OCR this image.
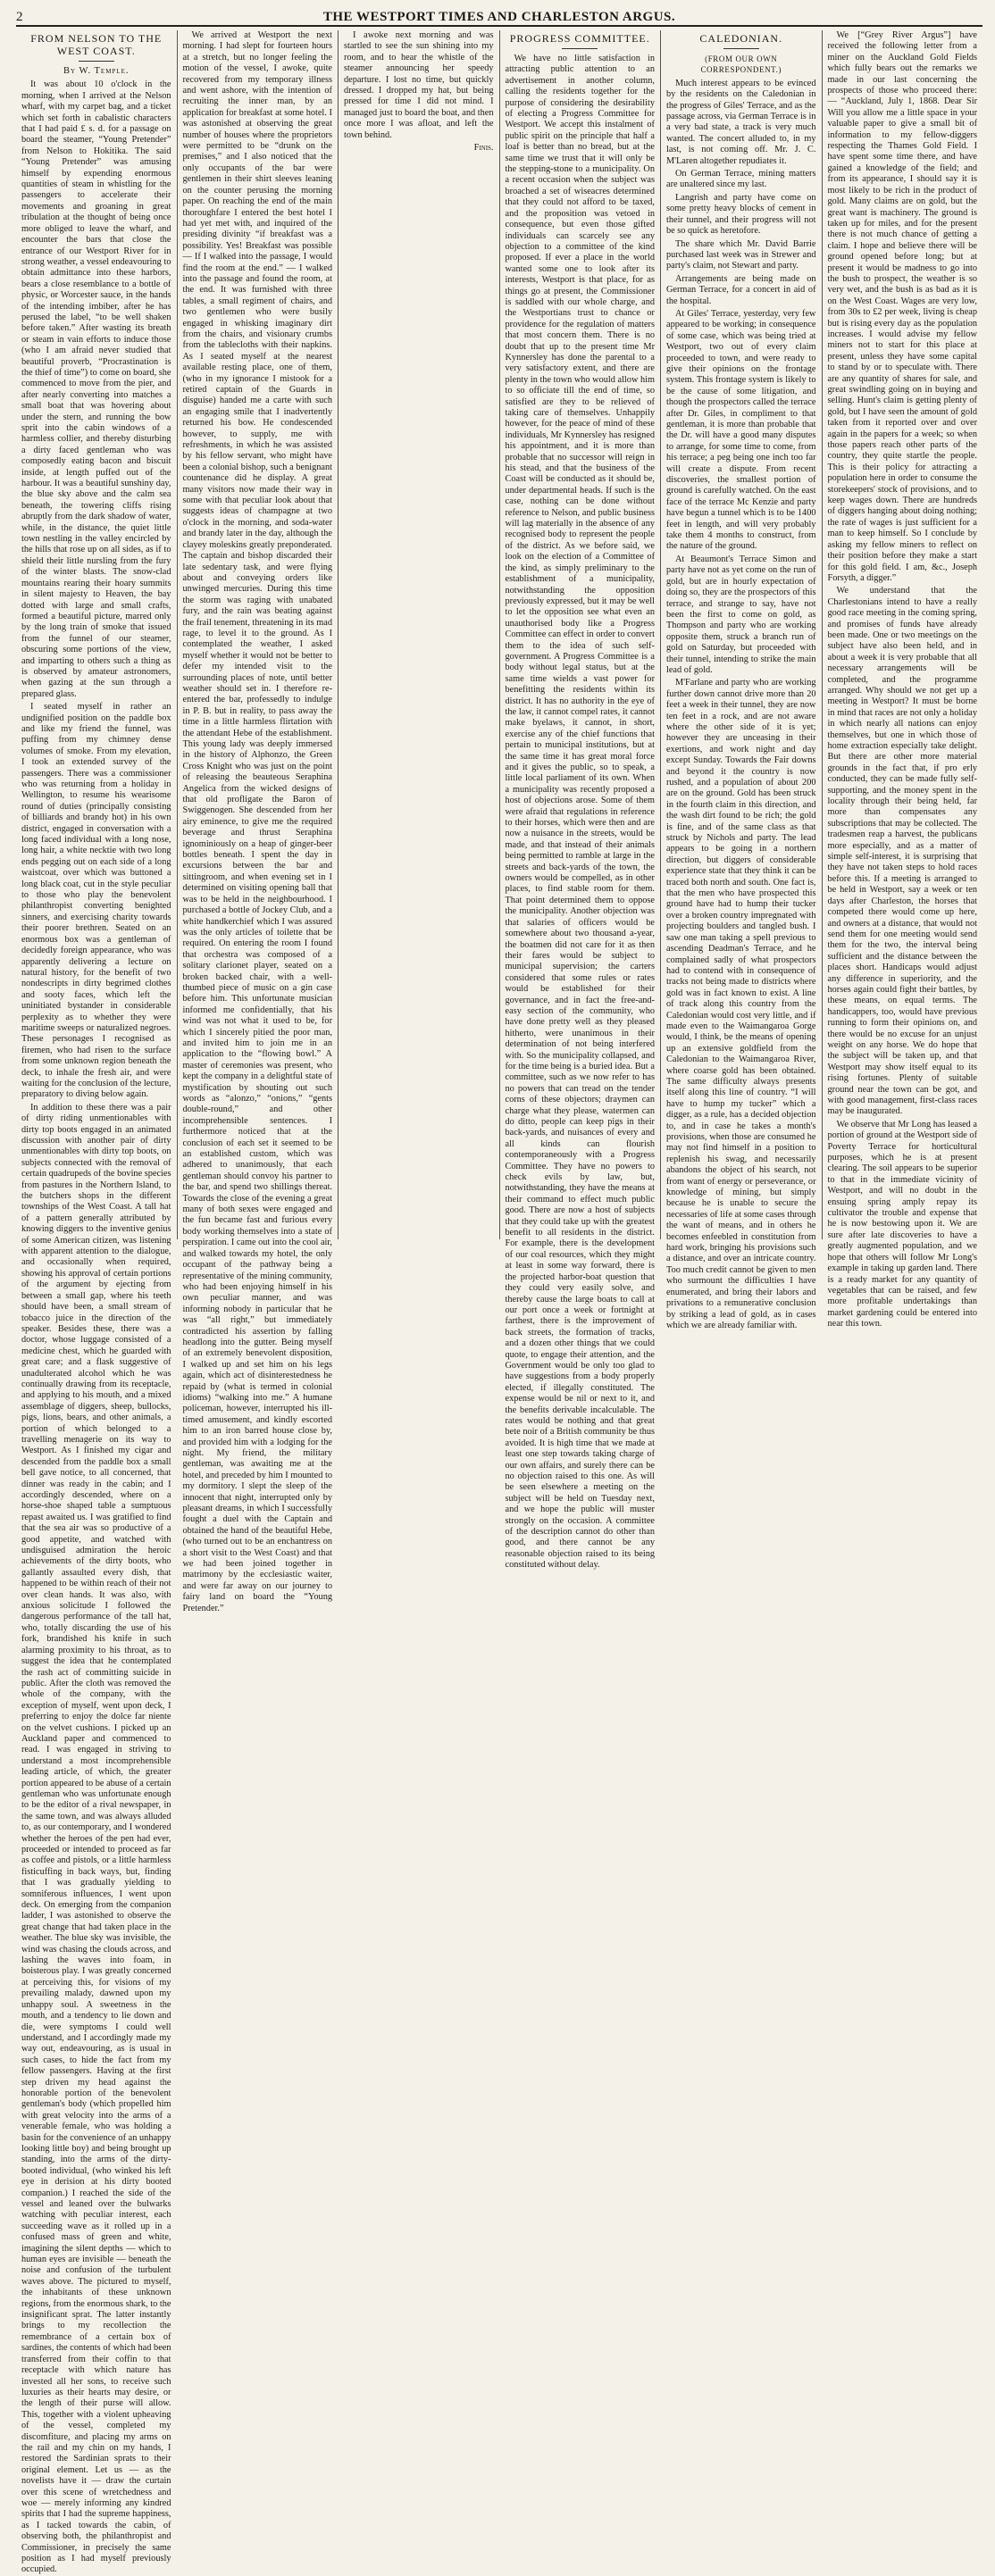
2	THE WESTPORT TIMES AND CHARLESTON ARGUS.
FROM NELSON TO THE WEST COAST.
By W. Temple.

It was about 10 o'clock in the morning, when I arrived at the Nelson wharf, with my carpet bag, and a ticket which set forth in cabalistic characters that I had paid £ s. d. for a passage on board the steamer, “Young Pretender” from Nelson to Hokitika. The said “Young Pretender” was amusing himself by expending enormous quantities of steam in whistling for the passengers to accelerate their movements and groaning in great tribulation at the thought of being once more obliged to leave the wharf, and encounter the bars that close the entrance of our Westport River for in strong weather, a vessel endeavouring to obtain admittance into these harbors, bears a close resemblance to a bottle of physic, or Worcester sauce, in the hands of the intending imbiber, after he has perused the label, “to be well shaken before taken.” After wasting its breath or steam in vain efforts to induce those (who I am afraid never studied that beautiful proverb, “Procrastination is the thief of time”) to come on board, she commenced to move from the pier, and after nearly converting into matches a small boat that was hovering about under the stern, and running the bow sprit into the cabin windows of a harmless collier, and thereby disturbing a dirty faced gentleman who was composedly eating bacon and biscuit inside, at length puffed out of the harbour. It was a beautiful sunshiny day, the blue sky above and the calm sea beneath, the towering cliffs rising abruptly from the dark shadow of water, while, in the distance, the quiet little town nestling in the valley encircled by the hills that rose up on all sides, as if to shield their little nursling from the fury of the winter blasts. The snow-clad mountains rearing their hoary summits in silent majesty to Heaven, the bay dotted with large and small crafts, formed a beautiful picture, marred only by the long train of smoke that issued from the funnel of our steamer, obscuring some portions of the view, and imparting to others such a thing as is observed by amateur astronomers, when gazing at the sun through a prepared glass.

I seated myself in rather an undignified position on the paddle box and like my friend the funnel, was puffing from my chimney dense volumes of smoke. From my elevation, I took an extended survey of the passengers. There was a commissioner who was returning from a holiday in Wellington, to resume his wearisome round of duties (principally consisting of billiards and brandy hot) in his own district, engaged in conversation with a long faced individual with a long nose, long hair, a white necktie with two long ends pegging out on each side of a long waistcoat, over which was buttoned a long black coat, cut in the style peculiar to those who play the benevolent philanthropist converting benighted sinners, and exercising charity towards their poorer brethren. Seated on an enormous box was a gentleman of decidedly foreign appearance, who was apparently delivering a lecture on natural history, for the benefit of two nondescripts in dirty begrimed clothes and sooty faces, which left the uninitiated bystander in considerable perplexity as to whether they were maritime sweeps or naturalized negroes. These personages I recognised as firemen, who had risen to the surface from some unknown region beneath the deck, to inhale the fresh air, and were waiting for the conclusion of the lecture, preparatory to diving below again.

In addition to these there was a pair of dirty riding unmentionables with dirty top boots engaged in an animated discussion with another pair of dirty unmentionables with dirty top boots, on subjects connected with the removal of certain quadrupeds of the bovine species from pastures in the Northern Island, to the butchers shops in the different townships of the West Coast. A tall hat of a pattern generally attributed by knowing diggers to the inventive genius of some American citizen, was listening with apparent attention to the dialogue, and occasionally when required, showing his approval of certain portions of the argument by ejecting from between a small gap, where his teeth should have been, a small stream of tobacco juice in the direction of the speaker. Besides these, there was a doctor, whose luggage consisted of a medicine chest, which he guarded with great care; and a flask suggestive of unadulterated alcohol which he was continually drawing from its receptacle, and applying to his mouth, and a mixed assemblage of diggers, sheep, bullocks, pigs, lions, bears, and other animals, a portion of which belonged to a travelling menagerie on its way to Westport. As I finished my cigar and descended from the paddle box a small bell gave notice, to all concerned, that dinner was ready in the cabin; and I accordingly descended, where on a horse-shoe shaped table a sumptuous repast awaited us. I was gratified to find that the sea air was so productive of a good appetite, and watched with undisguised admiration the heroic achievements of the dirty boots, who gallantly assaulted every dish, that happened to be within reach of their not over clean hands. It was also, with anxious solicitude I followed the dangerous performance of the tall hat, who, totally discarding the use of his fork, brandished his knife in such alarming proximity to his throat, as to suggest the idea that he contemplated the rash act of committing suicide in public. After the cloth was removed the whole of the company, with the exception of myself, went upon deck, I preferring to enjoy the dolce far niente on the velvet cushions. I picked up an Auckland paper and commenced to read. I was engaged in striving to understand a most incomprehensible leading article, of which, the greater portion appeared to be abuse of a certain gentleman who was unfortunate enough to be the editor of a rival newspaper, in the same town, and was always alluded to, as our contemporary, and I wondered whether the heroes of the pen had ever, proceeded or intended to proceed as far as coffee and pistols, or a little harmless fisticuffing in back ways, but, finding that I was gradually yielding to somniferous influences, I went upon deck. On emerging from the companion ladder, I was astonished to observe the great change that had taken place in the weather. The blue sky was invisible, the wind was chasing the clouds across, and lashing the waves into foam, in boisterous play. I was greatly concerned at perceiving this, for visions of my prevailing malady, dawned upon my unhappy soul. A sweetness in the mouth, and a tendency to lie down and die, were symptoms I could well understand, and I accordingly made my way out, endeavouring, as is usual in such cases, to hide the fact from my fellow passengers. Having at the first step driven my head against the honorable portion of the benevolent gentleman's body (which propelled him with great velocity into the arms of a venerable female, who was holding a basin for the convenience of an unhappy looking little boy) and being brought up standing, into the arms of the dirty-booted individual, (who winked his left eye in derision at his dirty booted companion.) I reached the side of the vessel and leaned over the bulwarks watching with peculiar interest, each succeeding wave as it rolled up in a confused mass of green and white, imagining the silent depths — which to human eyes are invisible — beneath the noise and confusion of the turbulent waves above. The pictured to myself, the inhabitants of these unknown regions, from the enormous shark, to the insignificant sprat. The latter instantly brings to my recollection the remembrance of a certain box of sardines, the contents of which had been transferred from their coffin to that receptacle with which nature has invested all her sons, to receive such luxuries as their hearts may desire, or the length of their purse will allow. This, together with a violent upheaving of the vessel, completed my discomfiture, and placing my arms on the rail and my chin on my hands, I restored the Sardinian sprats to their original element. Let us — as the novelists have it — draw the curtain over this scene of wretchedness and woe — merely informing any kindred spirits that I had the supreme happiness, as I tacked towards the cabin, of observing both, the philanthropist and Commissioner, in precisely the same position as I had myself previously occupied.

We arrived at Westport the next morning. I had slept for fourteen hours at a stretch, but no longer feeling the motion of the vessel, I awoke, quite recovered from my temporary illness and went ashore, with the intention of recruiting the inner man, by an application for breakfast at some hotel. I was astonished at observing the great number of houses where the proprietors were permitted to be “drunk on the premises,” and I also noticed that the only occupants of the bar were gentlemen in their shirt sleeves leaning on the counter perusing the morning paper. On reaching the end of the main thoroughfare I entered the best hotel I had yet met with, and inquired of the presiding divinity “if breakfast was a possibility. Yes! Breakfast was possible — If I walked into the passage, I would find the room at the end.” — I walked into the passage and found the room, at the end. It was furnished with three tables, a small regiment of chairs, and two gentlemen who were busily engaged in whisking imaginary dirt from the chairs, and visionary crumbs from the tablecloths with their napkins. As I seated myself at the nearest available resting place, one of them, (who in my ignorance I mistook for a retired captain of the Guards in disguise) handed me a carte with such an engaging smile that I inadvertently returned his bow. He condescended however, to supply, me with refreshments, in which he was assisted by his fellow servant, who might have been a colonial bishop, such a benignant countenance did he display. A great many visitors now made their way in some with that peculiar look about that suggests ideas of champagne at two o'clock in the morning, and soda-water and brandy later in the day, although the clayey moleskins greatly preponderated. The captain and bishop discarded their late sedentary task, and were flying about and conveying orders like unwinged mercuries. During this time the storm was raging with unabated fury, and the rain was beating against the frail tenement, threatening in its mad rage, to level it to the ground. As I contemplated the weather, I asked myself whether it would not be better to defer my intended visit to the surrounding places of note, until better weather should set in. I therefore re-entered the bar, professedly to indulge in P. B. but in reality, to pass away the time in a little harmless flirtation with the attendant Hebe of the establishment. This young lady was deeply immersed in the history of Alphonzo, the Green Cross Knight who was just on the point of releasing the beauteous Seraphina Angelica from the wicked designs of that old profligate the Baron of Swiggenogen. She descended from her airy eminence, to give me the required beverage and thrust Seraphina ignominiously on a heap of ginger-beer bottles beneath. I spent the day in excursions between the bar and sittingroom, and when evening set in I determined on visiting opening ball that was to be held in the neighbourhood. I purchased a bottle of Jockey Club, and a white handkerchief which I was assured was the only articles of toilette that be required. On entering the room I found that orchestra was composed of a solitary clarionet player, seated on a broken backed chair, with a well-thumbed piece of music on a gin case before him. This unfortunate musician informed me confidentially, that his wind was not what it used to be, for which I sincerely pitied the poor man, and invited him to join me in an application to the “flowing bowl.” A master of ceremonies was present, who kept the company in a delightful state of mystification by shouting out such words as “alonzo,” “onions,” “gents double-round,” and other incomprehensible sentences. I furthermore noticed that at the conclusion of each set it seemed to be an established custom, which was adhered to unanimously, that each gentleman should convoy his partner to the bar, and spend two shillings thereat. Towards the close of the evening a great many of both sexes were engaged and the fun became fast and furious every body working themselves into a state of perspiration. I came out into the cool air, and walked towards my hotel, the only occupant of the pathway being a representative of the mining community, who had been enjoying himself in his own peculiar manner, and was informing nobody in particular that he was “all right,” but immediately contradicted his assertion by falling headlong into the gutter. Being myself of an extremely benevolent disposition, I walked up and set him on his legs again, which act of disinterestedness he repaid by (what is termed in colonial idioms) “walking into me.” A humane policeman, however, interrupted his ill-timed amusement, and kindly escorted him to an iron barred house close by, and provided him with a lodging for the night. My friend, the military gentleman, was awaiting me at the hotel, and preceded by him I mounted to my dormitory. I slept the sleep of the innocent that night, interrupted only by pleasant dreams, in which I successfully fought a duel with the Captain and obtained the hand of the beautiful Hebe, (who turned out to be an enchantress on a short visit to the West Coast) and that we had been joined together in matrimony by the ecclesiastic waiter, and were far away on our journey to fairy land on board the “Young Pretender.”

I awoke next morning and was startled to see the sun shining into my room, and to hear the whistle of the steamer announcing her speedy departure. I lost no time, but quickly dressed. I dropped my hat, but being pressed for time I did not mind. I managed just to board the boat, and then once more I was afloat, and left the town behind.

Finis.
PROGRESS COMMITTEE.

We have no little satisfaction in attracting public attention to an advertisement in another column, calling the residents together for the purpose of considering the desirability of electing a Progress Committee for Westport. We accept this instalment of public spirit on the principle that half a loaf is better than no bread, but at the same time we trust that it will only be the stepping-stone to a municipality. On a recent occasion when the subject was broached a set of wiseacres determined that they could not afford to be taxed, and the proposition was vetoed in consequence, but even those gifted individuals can scarcely see any objection to a committee of the kind proposed. If ever a place in the world wanted some one to look after its interests, Westport is that place, for as things go at present, the Commissioner is saddled with our whole charge, and the Westportians trust to chance or providence for the regulation of matters that most concern them. There is no doubt that up to the present time Mr Kynnersley has done the parental to a very satisfactory extent, and there are plenty in the town who would allow him to so officiate till the end of time, so satisfied are they to be relieved of taking care of themselves. Unhappily however, for the peace of mind of these individuals, Mr Kynnersley has resigned his appointment, and it is more than probable that no successor will reign in his stead, and that the business of the Coast will be conducted as it should be, under departmental heads. If such is the case, nothing can be done without reference to Nelson, and public business will lag materially in the absence of any recognised body to represent the people of the district. As we before said, we look on the election of a Committee of the kind, as simply preliminary to the establishment of a municipality, notwithstanding the opposition previously expressed, but it may be well to let the opposition see what even an unauthorised body like a Progress Committee can effect in order to convert them to the idea of such self-government. A Progress Committee is a body without legal status, but at the same time wields a vast power for benefitting the residents within its district. It has no authority in the eye of the law, it cannot compel rates, it cannot make byelaws, it cannot, in short, exercise any of the chief functions that pertain to municipal institutions, but at the same time it has great moral force and it gives the public, so to speak, a little local parliament of its own. When a municipality was recently proposed a host of objections arose. Some of them were afraid that regulations in reference to their horses, which were then and are now a nuisance in the streets, would be made, and that instead of their animals being permitted to ramble at large in the streets and back-yards of the town, the owners would be compelled, as in other places, to find stable room for them. That point determined them to oppose the municipality. Another objection was that salaries of officers would be somewhere about two thousand a-year, the boatmen did not care for it as then their fares would be subject to municipal supervision; the carters considered that some rules or rates would be established for their governance, and in fact the free-and-easy section of the community, who have done pretty well as they pleased hitherto, were unanimous in their determination of not being interfered with. So the municipality collapsed, and for the time being is a buried idea. But a committee, such as we now refer to has no powers that can tread on the tender corns of these objectors; draymen can charge what they please, watermen can do ditto, people can keep pigs in their back-yards, and nuisances of every and all kinds can flourish contemporaneously with a Progress Committee. They have no powers to check evils by law, but, notwithstanding, they have the means at their command to effect much public good. There are now a host of subjects that they could take up with the greatest benefit to all residents in the district. For example, there is the development of our coal resources, which they might at least in some way forward, there is the projected harbor-boat question that they could very easily solve, and thereby cause the large boats to call at our port once a week or fortnight at farthest, there is the improvement of back streets, the formation of tracks, and a dozen other things that we could quote, to engage their attention, and the Government would be only too glad to have suggestions from a body properly elected, if illegally constituted. The expense would be nil or next to it, and the benefits derivable incalculable. The rates would be nothing and that great bete noir of a British community be thus avoided. It is high time that we made at least one step towards taking charge of our own affairs, and surely there can be no objection raised to this one. As will be seen elsewhere a meeting on the subject will be held on Tuesday next, and we hope the public will muster strongly on the occasion. A committee of the description cannot do other than good, and there cannot be any reasonable objection raised to its being constituted without delay.

CALEDONIAN.
(FROM OUR OWN CORRESPONDENT.)

Much interest appears to be evinced by the residents on the Caledonian in the progress of Giles' Terrace, and as the passage across, via German Terrace is in a very bad state, a track is very much wanted. The concert alluded to, in my last, is not coming off. Mr. J. C. M'Laren altogether repudiates it.

On German Terrace, mining matters are unaltered since my last.

Langrish and party have come on some pretty heavy blocks of cement in their tunnel, and their progress will not be so quick as heretofore.

The share which Mr. David Barrie purchased last week was in Strewer and party's claim, not Stewart and party.

Arrangements are being made on German Terrace, for a concert in aid of the hospital.

At Giles' Terrace, yesterday, very few appeared to be working; in consequence of some case, which was being tried at Westport, two out of every claim proceeded to town, and were ready to give their opinions on the frontage system. This frontage system is likely to be the cause of some litigation, and though the prospectors called the terrace after Dr. Giles, in compliment to that gentleman, it is more than probable that the Dr. will have a good many disputes to arrange, for some time to come, from his terrace; a peg being one inch too far will create a dispute. From recent discoveries, the smallest portion of ground is carefully watched. On the east face of the terrace Mc Kenzie and party have begun a tunnel which is to be 1400 feet in length, and will very probably take them 4 months to construct, from the nature of the ground.

At Beaumont's Terrace Simon and party have not as yet come on the run of gold, but are in hourly expectation of doing so, they are the prospectors of this terrace, and strange to say, have not been the first to come on gold, as Thompson and party who are working opposite them, struck a branch run of gold on Saturday, but proceeded with their tunnel, intending to strike the main lead of gold.

M'Farlane and party who are working further down cannot drive more than 20 feet a week in their tunnel, they are now ten feet in a rock, and are not aware where the other side of it is yet; however they are unceasing in their exertions, and work night and day except Sunday. Towards the Fair downs and beyond it the country is now rushed, and a population of about 200 are on the ground. Gold has been struck in the fourth claim in this direction, and the wash dirt found to be rich; the gold is fine, and of the same class as that struck by Nichols and party. The lead appears to be going in a northern direction, but diggers of considerable experience state that they think it can be traced both north and south. One fact is, that the men who have prospected this ground have had to hump their tucker over a broken country impregnated with projecting boulders and tangled bush. I saw one man taking a spell previous to ascending Deadman's Terrace, and he complained sadly of what prospectors had to contend with in consequence of tracks not being made to districts where gold was in fact known to exist. A line of track along this country from the Caledonian would cost very little, and if made even to the Waimangaroa Gorge would, I think, be the means of opening up an extensive goldfield from the Caledonian to the Waimangaroa River, where coarse gold has been obtained. The same difficulty always presents itself along this line of country. “I will have to hump my tucker” which a digger, as a rule, has a decided objection to, and in case he takes a month's provisions, when those are consumed he may not find himself in a position to replenish his swag, and necessarily abandons the object of his search, not from want of energy or perseverance, or knowledge of mining, but simply because he is unable to secure the necessaries of life at some cases through the want of means, and in others he becomes enfeebled in constitution from hard work, bringing his provisions such a distance, and over an intricate country. Too much credit cannot be given to men who surmount the difficulties I have enumerated, and bring their labors and privations to a remunerative conclusion by striking a lead of gold, as in cases which we are already familiar with.

We [“Grey River Argus”] have received the following letter from a miner on the Auckland Gold Fields which fully bears out the remarks we made in our last concerning the prospects of those who proceed there: — “Auckland, July 1, 1868. Dear Sir Will you allow me a little space in your valuable paper to give a small bit of information to my fellow-diggers respecting the Thames Gold Field. I have spent some time there, and have gained a knowledge of the field; and from its appearance, I should say it is most likely to be rich in the product of gold. Many claims are on gold, but the great want is machinery. The ground is taken up for miles, and for the present there is not much chance of getting a claim. I hope and believe there will be ground opened before long; but at present it would be madness to go into the bush to prospect, the weather is so very wet, and the bush is as bad as it is on the West Coast. Wages are very low, from 30s to £2 per week, living is cheap but is rising every day as the population increases. I would advise my fellow miners not to start for this place at present, unless they have some capital to stand by or to speculate with. There are any quantity of shares for sale, and great swindling going on in buying and selling. Hunt's claim is getting plenty of gold, but I have seen the amount of gold taken from it reported over and over again in the papers for a week; so when those papers reach other parts of the country, they quite startle the people. This is their policy for attracting a population here in order to consume the storekeepers' stock of provisions, and to keep wages down. There are hundreds of diggers hanging about doing nothing; the rate of wages is just sufficient for a man to keep himself. So I conclude by asking my fellow miners to reflect on their position before they make a start for this gold field. I am, &c., Joseph Forsyth, a digger.”

We understand that the Charlestonians intend to have a really good race meeting in the coming spring, and promises of funds have already been made. One or two meetings on the subject have also been held, and in about a week it is very probable that all necessary arrangements will be completed, and the programme arranged. Why should we not get up a meeting in Westport? It must be borne in mind that races are not only a holiday in which nearly all nations can enjoy themselves, but one in which those of home extraction especially take delight. But there are other more material grounds in the fact that, if pro erly conducted, they can be made fully self-supporting, and the money spent in the locality through their being held, far more than compensates any subscriptions that may be collected. The tradesmen reap a harvest, the publicans more especially, and as a matter of simple self-interest, it is surprising that they have not taken steps to hold races before this. If a meeting is arranged to be held in Westport, say a week or ten days after Charleston, the horses that competed there would come up here, and owners at a distance, that would not send them for one meeting would send them for the two, the interval being sufficient and the distance between the places short. Handicaps would adjust any difference in superiority, and the horses again could fight their battles, by these means, on equal terms. The handicappers, too, would have previous running to form their opinions on, and there would be no excuse for an unjust weight on any horse. We do hope that the subject will be taken up, and that Westport may show itself equal to its rising fortunes. Plenty of suitable ground near the town can be got, and with good management, first-class races may be inaugurated.

We observe that Mr Long has leased a portion of ground at the Westport side of Poverty Terrace for horticultural purposes, which he is at present clearing. The soil appears to be superior to that in the immediate vicinity of Westport, and will no doubt in the ensuing spring amply repay its cultivator the trouble and expense that he is now bestowing upon it. We are sure after late discoveries to have a greatly augmented population, and we hope that others will follow Mr Long's example in taking up garden land. There is a ready market for any quantity of vegetables that can be raised, and few more profitable undertakings than market gardening could be entered into near this town.
